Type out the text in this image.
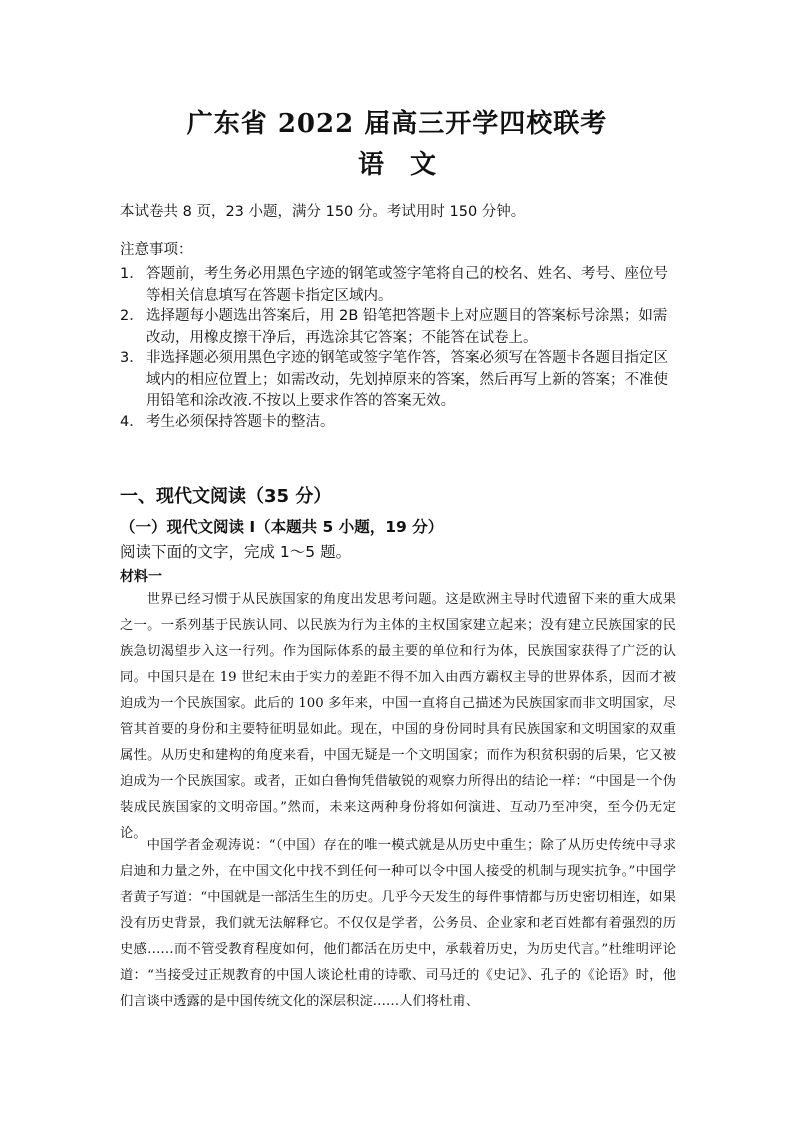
广东省 2022 届高三开学四校联考
语　文
本试卷共 8 页，23 小题，满分 150 分。考试用时 150 分钟。
注意事项：
1． 答题前，考生务必用黑色字迹的钢笔或签字笔将自己的校名、姓名、考号、座位号等相关信息填写在答题卡指定区域内。
2． 选择题每小题选出答案后，用 2B 铅笔把答题卡上对应题目的答案标号涂黑；如需改动，用橡皮擦干净后，再选涂其它答案；不能答在试卷上。
3． 非选择题必须用黑色字迹的钢笔或签字笔作答，答案必须写在答题卡各题目指定区域内的相应位置上；如需改动，先划掉原来的答案，然后再写上新的答案；不准使用铅笔和涂改液.不按以上要求作答的答案无效。
4． 考生必须保持答题卡的整洁。
一、现代文阅读（35 分）
（一）现代文阅读 I（本题共 5 小题，19 分）
阅读下面的文字，完成 1～5 题。
材料一

世界已经习惯于从民族国家的角度出发思考问题。这是欧洲主导时代遗留下来的重大成果之一。一系列基于民族认同、以民族为行为主体的主权国家建立起来；没有建立民族国家的民族急切渴望步入这一行列。作为国际体系的最主要的单位和行为体，民族国家获得了广泛的认同。中国只是在 19 世纪末由于实力的差距不得不加入由西方霸权主导的世界体系，因而才被迫成为一个民族国家。此后的 100 多年来，中国一直将自己描述为民族国家而非文明国家，尽管其首要的身份和主要特征明显如此。现在，中国的身份同时具有民族国家和文明国家的双重属性。从历史和建构的角度来看，中国无疑是一个文明国家；而作为积贫积弱的后果，它又被迫成为一个民族国家。或者，正如白鲁恂凭借敏锐的观察力所得出的结论一样：“中国是一个伪装成民族国家的文明帝国。”然而，未来这两种身份将如何演进、互动乃至冲突，至今仍无定论。

中国学者金观涛说：“（中国）存在的唯一模式就是从历史中重生；除了从历史传统中寻求启迪和力量之外，在中国文化中找不到任何一种可以令中国人接受的机制与现实抗争。”中国学者黄子写道：“中国就是一部活生生的历史。几乎今天发生的每件事情都与历史密切相连，如果没有历史背景，我们就无法解释它。不仅仅是学者，公务员、企业家和老百姓都有着强烈的历史感……而不管受教育程度如何，他们都活在历史中，承载着历史，为历史代言。”杜维明评论道：“当接受过正规教育的中国人谈论杜甫的诗歌、司马迁的《史记》、孔子的《论语》时，他们言谈中透露的是中国传统文化的深层积淀……人们将杜甫、
